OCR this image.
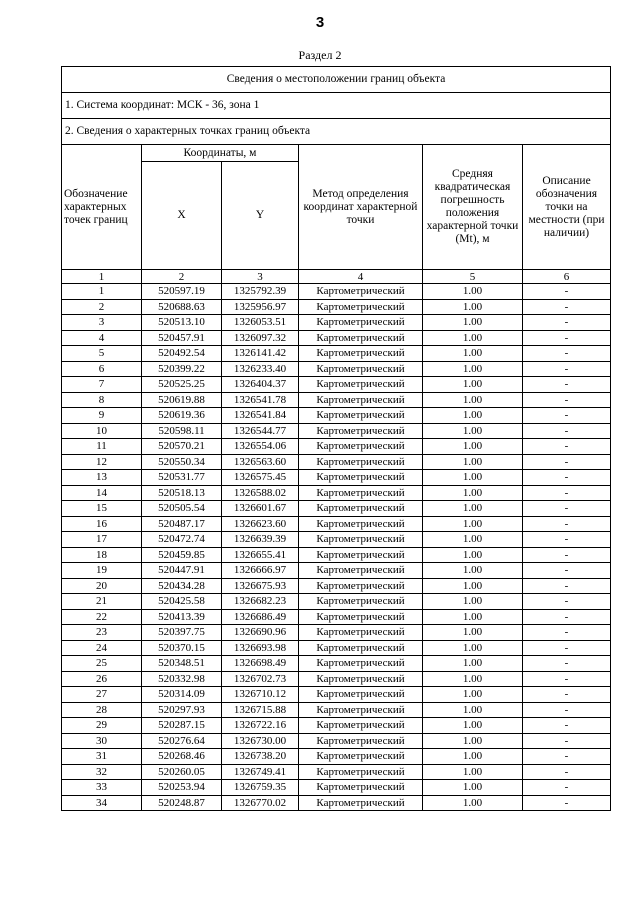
3
Раздел 2
Сведения о местоположении границ объекта					
1. Система координат: МСК - 36, зона 1					
2. Сведения о характерных точках границ объекта					
Обозначение характерных точек границ	Координаты, м		Метод определения координат характерной точки	Средняя квадратическая погрешность положения характерной точки (Mt), м	Описание обозначения точки на местности (при наличии)
	X	Y			
1	2	3	4	5	6
1	520597.19	1325792.39	Картометрический	1.00	-
2	520688.63	1325956.97	Картометрический	1.00	-
3	520513.10	1326053.51	Картометрический	1.00	-
4	520457.91	1326097.32	Картометрический	1.00	-
5	520492.54	1326141.42	Картометрический	1.00	-
6	520399.22	1326233.40	Картометрический	1.00	-
7	520525.25	1326404.37	Картометрический	1.00	-
8	520619.88	1326541.78	Картометрический	1.00	-
9	520619.36	1326541.84	Картометрический	1.00	-
10	520598.11	1326544.77	Картометрический	1.00	-
11	520570.21	1326554.06	Картометрический	1.00	-
12	520550.34	1326563.60	Картометрический	1.00	-
13	520531.77	1326575.45	Картометрический	1.00	-
14	520518.13	1326588.02	Картометрический	1.00	-
15	520505.54	1326601.67	Картометрический	1.00	-
16	520487.17	1326623.60	Картометрический	1.00	-
17	520472.74	1326639.39	Картометрический	1.00	-
18	520459.85	1326655.41	Картометрический	1.00	-
19	520447.91	1326666.97	Картометрический	1.00	-
20	520434.28	1326675.93	Картометрический	1.00	-
21	520425.58	1326682.23	Картометрический	1.00	-
22	520413.39	1326686.49	Картометрический	1.00	-
23	520397.75	1326690.96	Картометрический	1.00	-
24	520370.15	1326693.98	Картометрический	1.00	-
25	520348.51	1326698.49	Картометрический	1.00	-
26	520332.98	1326702.73	Картометрический	1.00	-
27	520314.09	1326710.12	Картометрический	1.00	-
28	520297.93	1326715.88	Картометрический	1.00	-
29	520287.15	1326722.16	Картометрический	1.00	-
30	520276.64	1326730.00	Картометрический	1.00	-
31	520268.46	1326738.20	Картометрический	1.00	-
32	520260.05	1326749.41	Картометрический	1.00	-
33	520253.94	1326759.35	Картометрический	1.00	-
34	520248.87	1326770.02	Картометрический	1.00	-
